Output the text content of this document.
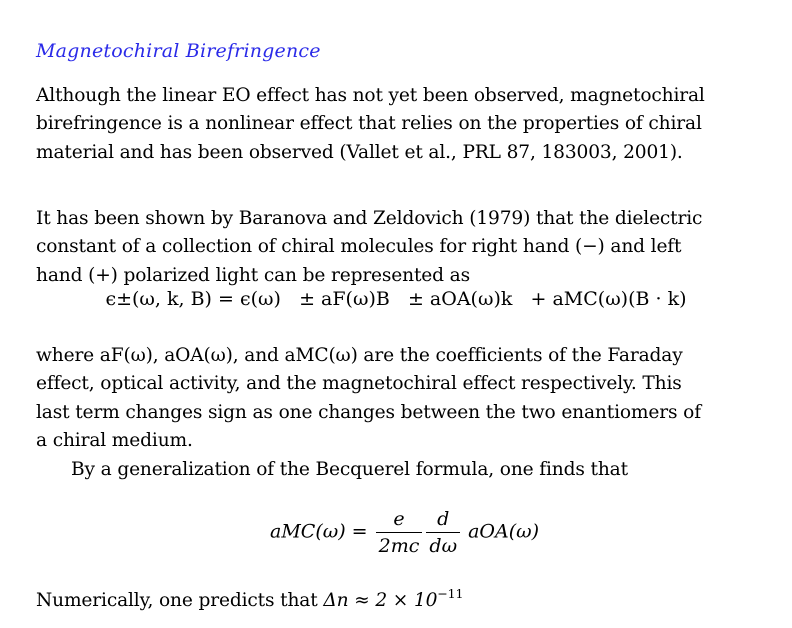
Magnetochiral Birefringence

Although the linear EO effect has not yet been observed, magnetochiral
birefringence is a nonlinear effect that relies on the properties of chiral
material and has been observed (Vallet et al., PRL 87, 183003, 2001).

It has been shown by Baranova and Zeldovich (1979) that the dielectric
constant of a collection of chiral molecules for right hand (−) and left
hand (+) polarized light can be represented as

ϵ±(ω, k, B) = ϵ(ω) ± aF(ω)B ± aOA(ω)k + aMC(ω)(B · k)

where aF(ω), aOA(ω), and aMC(ω) are the coefficients of the Faraday
effect, optical activity, and the magnetochiral effect respectively. This
last term changes sign as one changes between the two enantiomers of
a chiral medium.

By a generalization of the Becquerel formula, one finds that

$aMC(\omega) = \frac{e}{2mc} \frac{d}{d\omega} aOA(\omega)$

Numerically, one predicts that $\Delta n \approx 2 \times 10^{-11}$
